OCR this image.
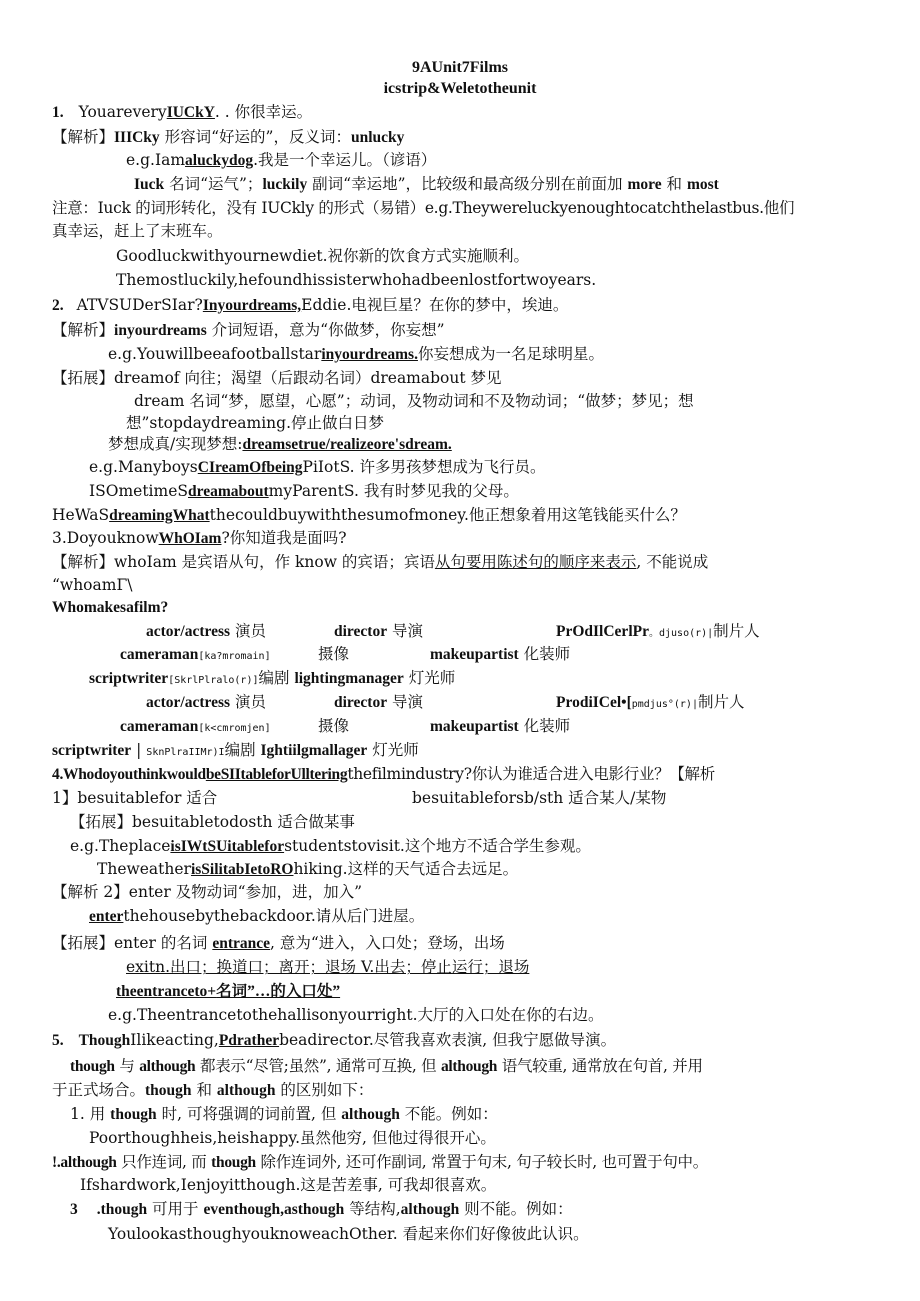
9AUnit7Films
icstrip&Weletotheunit
1. YouareveryIUCkY. . 你很幸运。
【解析】IIICky 形容词“好运的”，反义词：unlucky
e.g.Iamaluckydog.我是一个幸运儿。（谚语）
Iuck 名词“运气”；luckily 副词“幸运地”，比较级和最高级分别在前面加 more 和 most
注意：Iuck 的词形转化，没有 IUCkly 的形式（易错）e.g.Theywereluckyenoughtocatchthelastbus.他们
真幸运，赶上了末班车。
Goodluckwithyournewdiet.祝你新的饮食方式实施顺利。
Themostluckily,hefoundhissisterwhohadbeenlostfortwoyears.
2. ATVSUDerSIar?Inyourdreams,Eddie.电视巨星？在你的梦中，埃迪。
【解析】inyourdreams 介词短语，意为“你做梦，你妄想”
e.g.Youwillbeeafootballstarinyourdreams.你妄想成为一名足球明星。
【拓展】dreamof 向往；渴望（后跟动名词）dreamabout 梦见
dream 名词“梦，愿望，心愿”；动词，及物动词和不及物动词；“做梦；梦见；想
想”stopdaydreaming.停止做白日梦
梦想成真/实现梦想:dreamsetrue/realizeore'sdream.
e.g.ManyboysCIreamOfbeingPiIotS. 许多男孩梦想成为飞行员。
ISOmetimeSdreamaboutmyParentS. 我有时梦见我的父母。
HeWaSdreamingWhatthecouldbuywiththesumofmoney.他正想象着用这笔钱能买什么？
3.DoyouknowWhOIam?你知道我是面吗?
【解析】whoIam 是宾语从句，作 know 的宾语；宾语从句要用陈述句的顺序来表示, 不能说成
“whoamΓ\
Whomakesafilm?
actor/actress 演员	director 导演	PrOdIlCerlPr。djuso(r)|制片人
cameraman[ka?mromain]	摄像	makeupartist 化装师
scriptwriter[SkrlPlralo(r)]编剧 lightingmanager 灯光师
actor/actress 演员	director 导演	ProdiICel•[pmdjus°(r)|制片人
cameraman[k<cmromjen]	摄像	makeupartist 化装师
scriptwriter | SknPlraIIMr)I编剧 Ightiilgmallager 灯光师
4.WhodoyouthinkwouldbeSIItableforUllteringthefilmindustry?你认为谁适合进入电影行业？【解析
1】besuitablefor 适合	besuitableforsb/sth 适合某人/某物
【拓展】besuitabletodosth 适合做某事
e.g.TheplaceisIWtSUitableforstudentstovisit.这个地方不适合学生参观。
TheweatherisSilitabIetoROhiking.这样的天气适合去远足。
【解析 2】enter 及物动词“参加，进，加入”
enterthehousebythebackdoor.请从后门进屋。
【拓展】enter 的名词 entrance, 意为“进入，入口处；登场，出场
exitn.出口；换道口；离开；退场 V.出去；停止运行；退场
theentranceto+名词”…的入口处”
e.g.Theentrancetothehallisonyourright.大厅的入口处在你的右边。
5. ThoughIlikeacting,Pdratherbeadirector.尽管我喜欢表演, 但我宁愿做导演。
though 与 although 都表示“尽管;虽然”, 通常可互换, 但 although 语气较重, 通常放在句首, 并用
于正式场合。though 和 although 的区别如下：
1. 用 though 时, 可将强调的词前置, 但 although 不能。例如：
Poorthoughheis,heishappy.虽然他穷, 但他过得很开心。
!.although 只作连词, 而 though 除作连词外, 还可作副词, 常置于句末, 句子较长时, 也可置于句中。
Ifshardwork,Ienjoyitthough.这是苦差事, 可我却很喜欢。
3 .though 可用于 eventhough,asthough 等结构,although 则不能。例如：
YoulookasthoughyouknoweachOther. 看起来你们好像彼此认识。
